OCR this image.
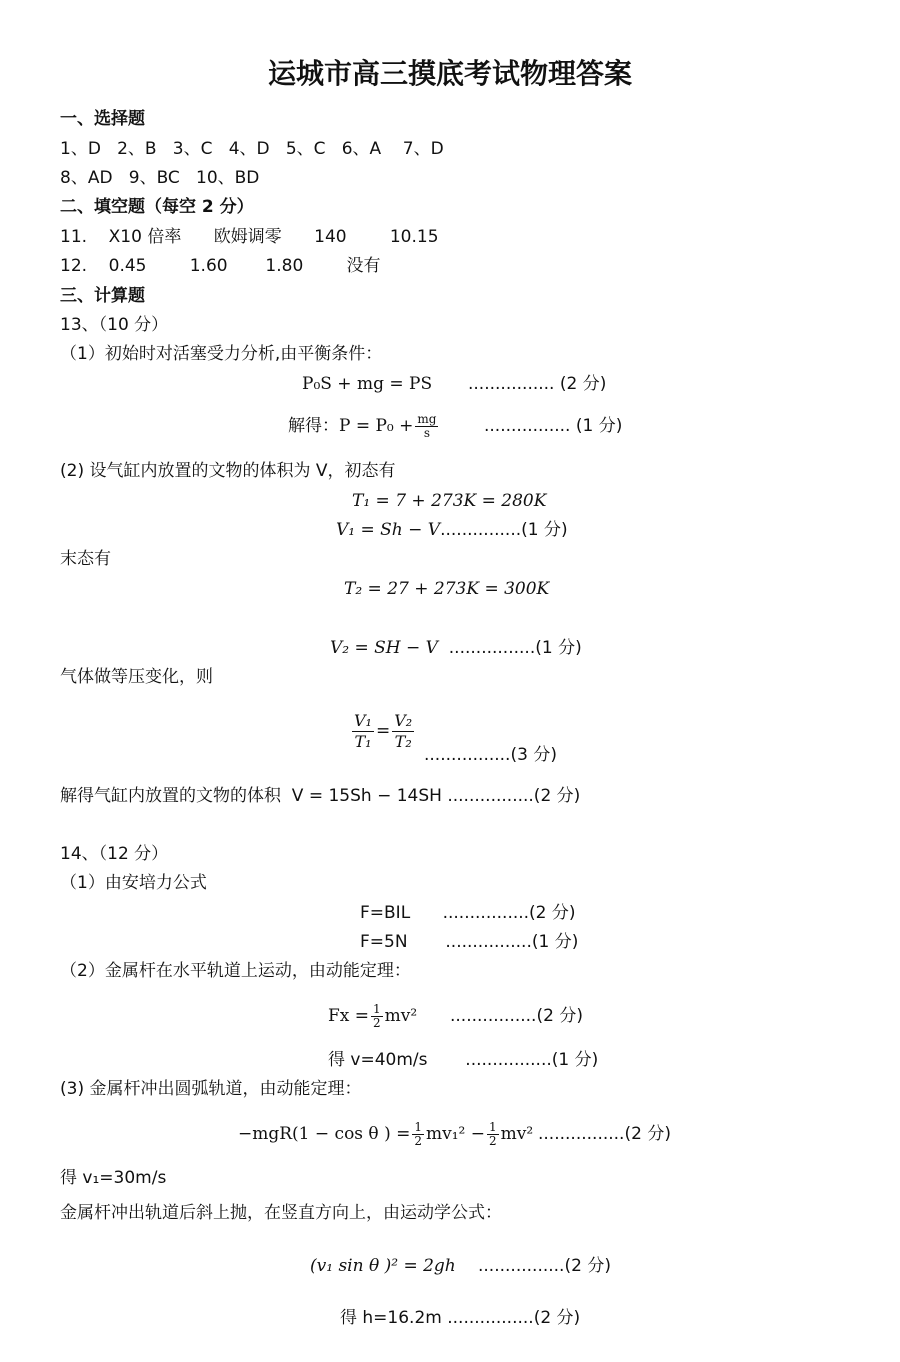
运城市高三摸底考试物理答案
一、选择题
1、D   2、B   3、C   4、D   5、C   6、A    7、D
8、AD   9、BC   10、BD
二、填空题（每空 2 分）
11.    X10 倍率      欧姆调零      140        10.15
12.    0.45        1.60       1.80        没有
三、计算题
13、（10 分）
（1）初始时对活塞受力分析,由平衡条件：
P₀S + mg = PS ................ (2 分)
解得：$P = P_0 + \frac{mg}{s}$	................ (1 分)
(2) 设气缸内放置的文物的体积为 V，初态有
T₁ = 7 + 273K = 280K
V₁ = Sh − V...............(1 分)
末态有
T₂ = 27 + 273K = 300K
V₂ = SH − V ................(1 分)
气体做等压变化，则
$\frac{\text{V₁}}{\text{T₁}} = \frac{\text{V₂}}{\text{T₂}}$
................(3 分)
解得气缸内放置的文物的体积  V = 15Sh − 14SH ................(2 分)
14、（12 分）
（1）由安培力公式
F=BIL      ................(2 分)
F=5N       ................(1 分)
（2）金属杆在水平轨道上运动，由动能定理：
$Fx = \frac{1}{2} mv^2$ ................(2 分)
得 v=40m/s       ................(1 分)
(3) 金属杆冲出圆弧轨道，由动能定理：
−mgR(1 − cos θ ) = $\frac{1}{2} mv_1^2 - \frac{1}{2} mv^2$ ................(2 分)
得 v₁=30m/s
金属杆冲出轨道后斜上抛，在竖直方向上，由运动学公式：
(v₁ sin θ )² = 2gh ................(2 分)
得 h=16.2m ................(2 分)
